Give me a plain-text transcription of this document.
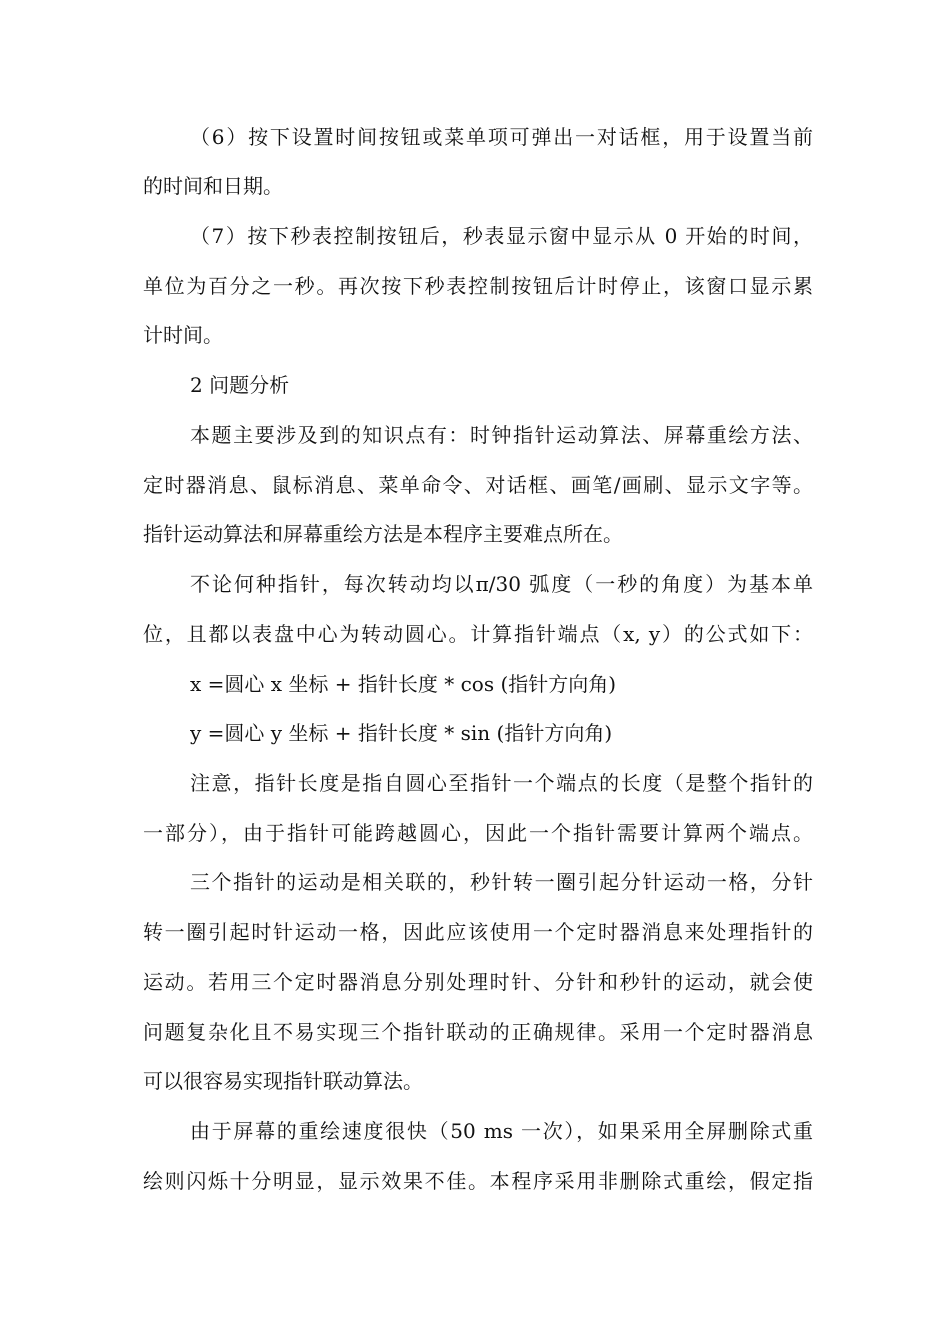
（6）按下设置时间按钮或菜单项可弹出一对话框，用于设置当前
的时间和日期。
（7）按下秒表控制按钮后，秒表显示窗中显示从 0 开始的时间，
单位为百分之一秒。再次按下秒表控制按钮后计时停止，该窗口显示累
计时间。
2 问题分析
本题主要涉及到的知识点有：时钟指针运动算法、屏幕重绘方法、
定时器消息、鼠标消息、菜单命令、对话框、画笔/画刷、显示文字等。
指针运动算法和屏幕重绘方法是本程序主要难点所在。
不论何种指针，每次转动均以π/30 弧度（一秒的角度）为基本单
位，且都以表盘中心为转动圆心。计算指针端点（x, y）的公式如下：
x =圆心 x 坐标 + 指针长度 * cos (指针方向角)
y =圆心 y 坐标 + 指针长度 * sin (指针方向角)
注意，指针长度是指自圆心至指针一个端点的长度（是整个指针的
一部分），由于指针可能跨越圆心，因此一个指针需要计算两个端点。
三个指针的运动是相关联的，秒针转一圈引起分针运动一格，分针
转一圈引起时针运动一格，因此应该使用一个定时器消息来处理指针的
运动。若用三个定时器消息分别处理时针、分针和秒针的运动，就会使
问题复杂化且不易实现三个指针联动的正确规律。采用一个定时器消息
可以很容易实现指针联动算法。
由于屏幕的重绘速度很快（50 ms 一次），如果采用全屏删除式重
绘则闪烁十分明显，显示效果不佳。本程序采用非删除式重绘，假定指
